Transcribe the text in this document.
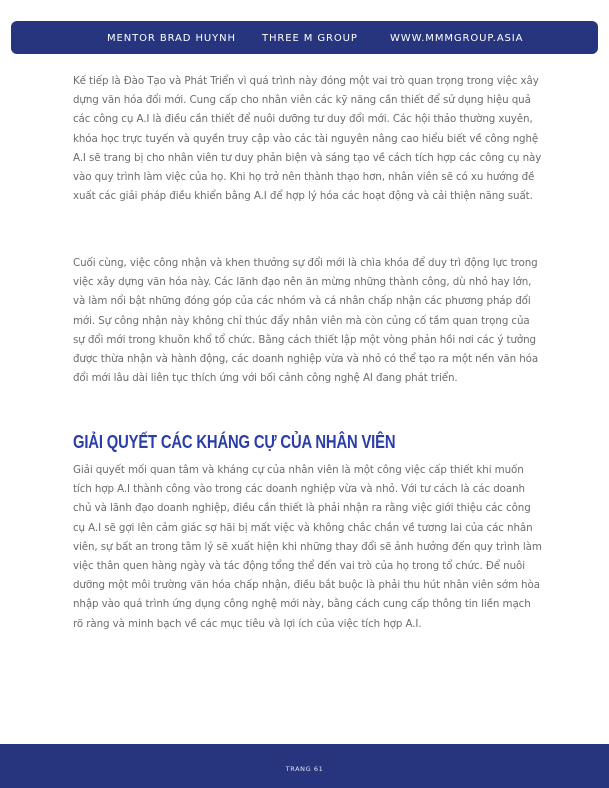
MENTOR BRAD HUYNH	THREE M GROUP	WWW.MMMGROUP.ASIA

Kế tiếp là Đào Tạo và Phát Triển vì quá trình này đóng một vai trò quan trọng trong việc xây dựng văn hóa đổi mới. Cung cấp cho nhân viên các kỹ năng cần thiết để sử dụng hiệu quả các công cụ A.I là điều cần thiết để nuôi dưỡng tư duy đổi mới. Các hội thảo thường xuyên, khóa học trực tuyến và quyền truy cập vào các tài nguyên nâng cao hiểu biết về công nghệ A.I sẽ trang bị cho nhân viên tư duy phản biện và sáng tạo về cách tích hợp các công cụ này vào quy trình làm việc của họ. Khi họ trở nên thành thạo hơn, nhân viên sẽ có xu hướng đề xuất các giải pháp điều khiển bằng A.I để hợp lý hóa các hoạt động và cải thiện năng suất.

Cuối cùng, việc công nhận và khen thưởng sự đổi mới là chìa khóa để duy trì động lực trong việc xây dựng văn hóa này. Các lãnh đạo nên ăn mừng những thành công, dù nhỏ hay lớn, và làm nổi bật những đóng góp của các nhóm và cá nhân chấp nhận các phương pháp đổi mới. Sự công nhận này không chỉ thúc đẩy nhân viên mà còn củng cố tầm quan trọng của sự đổi mới trong khuôn khổ tổ chức. Bằng cách thiết lập một vòng phản hồi nơi các ý tưởng được thừa nhận và hành động, các doanh nghiệp vừa và nhỏ có thể tạo ra một nền văn hóa đổi mới lâu dài liên tục thích ứng với bối cảnh công nghệ AI đang phát triển.

GIẢI QUYẾT CÁC KHÁNG CỰ CỦA NHÂN VIÊN

Giải quyết mối quan tâm và kháng cự của nhân viên là một công việc cấp thiết khi muốn tích hợp A.I thành công vào trong các doanh nghiệp vừa và nhỏ. Với tư cách là các doanh chủ và lãnh đạo doanh nghiệp, điều cần thiết là phải nhận ra rằng việc giới thiệu các công cụ A.I sẽ gợi lên cảm giác sợ hãi bị mất việc và không chắc chắn về tương lai của các nhân viên, sự bất an trong tâm lý sẽ xuất hiện khi những thay đổi sẽ ảnh hưởng đến quy trình làm việc thân quen hàng ngày và tác động tổng thể đến vai trò của họ trong tổ chức. Để nuôi dưỡng một môi trường văn hóa chấp nhận, điều bắt buộc là phải thu hút nhân viên sớm hòa nhập vào quá trình ứng dụng công nghệ mới này, bằng cách cung cấp thông tin liền mạch rõ ràng và minh bạch về các mục tiêu và lợi ích của việc tích hợp A.I.

TRANG 61
